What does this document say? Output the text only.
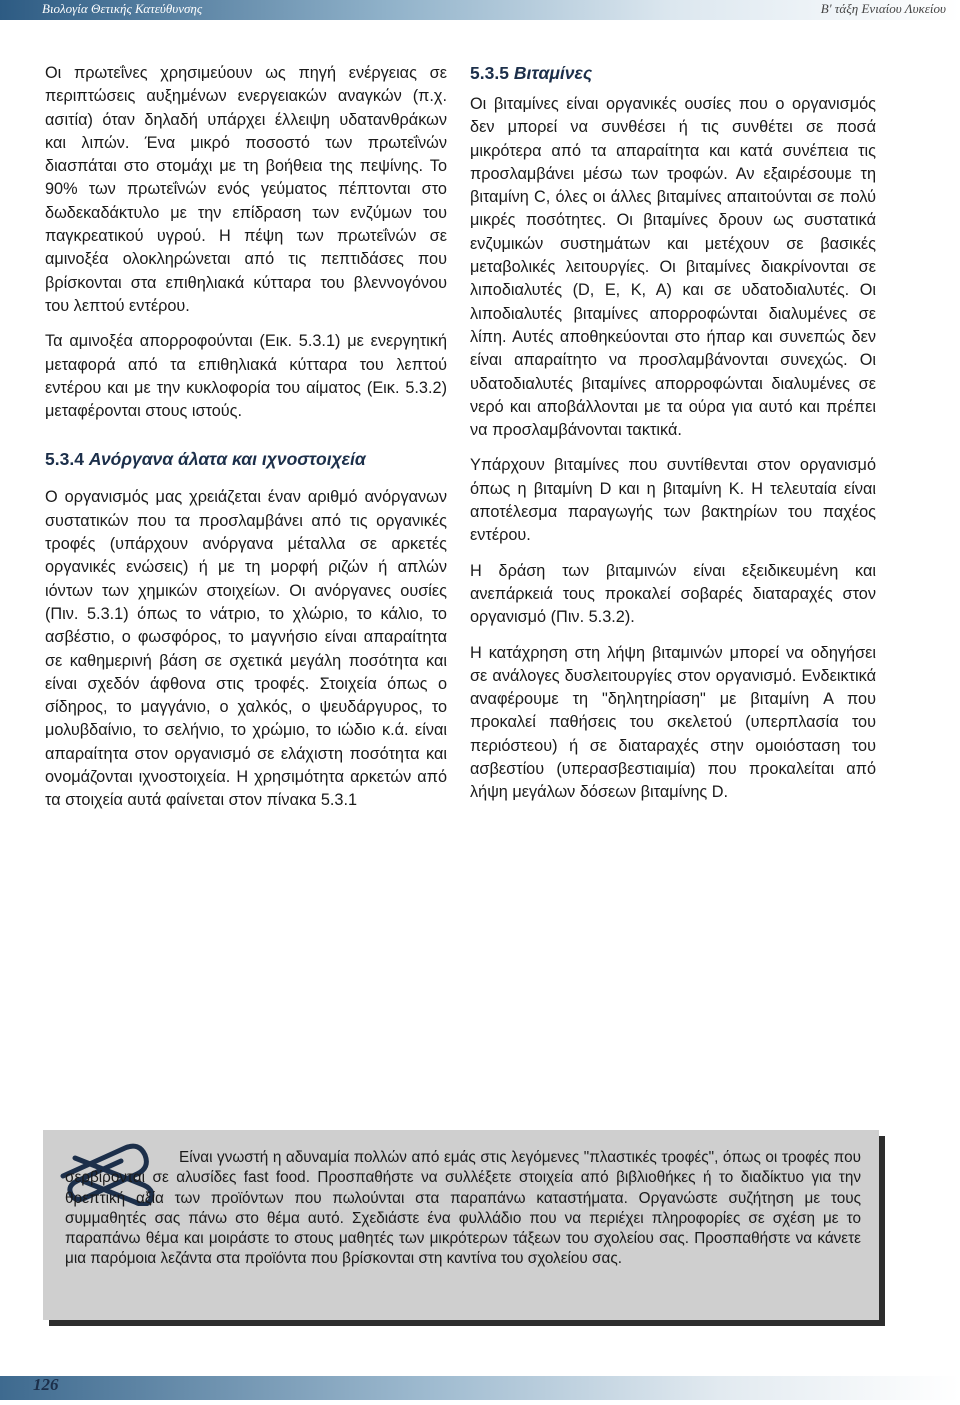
Βιολογία Θετικής Κατεύθυνσης	Β' τάξη Ενιαίου Λυκείου

Οι πρωτεΐνες χρησιμεύουν ως πηγή ενέργειας σε περιπτώσεις αυξημένων ενεργειακών αναγκών (π.χ. ασιτία) όταν δηλαδή υπάρχει έλλειψη υδατανθράκων και λιπών. Ένα μικρό ποσοστό των πρωτεΐνών διασπάται στο στομάχι με τη βοήθεια της πεψίνης. Το 90% των πρωτεΐνών ενός γεύματος πέπτονται στο δωδεκαδάκτυλο με την επίδραση των ενζύμων του παγκρεατικού υγρού. Η πέψη των πρωτεΐνών σε αμινοξέα ολοκληρώνεται από τις πεπτιδάσες που βρίσκονται στα επιθηλιακά κύτταρα του βλεννογόνου του λεπτού εντέρου.

Τα αμινοξέα απορροφούνται (Εικ. 5.3.1) με ενεργητική μεταφορά από τα επιθηλιακά κύτταρα του λεπτού εντέρου και με την κυκλοφορία του αίματος (Εικ. 5.3.2) μεταφέρονται στους ιστούς.

5.3.4 Ανόργανα άλατα και ιχνοστοιχεία

Ο οργανισμός μας χρειάζεται έναν αριθμό ανόργανων συστατικών που τα προσλαμβάνει από τις οργανικές τροφές (υπάρχουν ανόργανα μέταλλα σε αρκετές οργανικές ενώσεις) ή με τη μορφή ριζών ή απλών ιόντων των χημικών στοιχείων. Οι ανόργανες ουσίες (Πιν. 5.3.1) όπως το νάτριο, το χλώριο, το κάλιο, το ασβέστιο, ο φωσφόρος, το μαγνήσιο είναι απαραίτητα σε καθημερινή βάση σε σχετικά μεγάλη ποσότητα και είναι σχεδόν άφθονα στις τροφές. Στοιχεία όπως ο σίδηρος, το μαγγάνιο, ο χαλκός, ο ψευδάργυρος, το μολυβδαίνιο, το σελήνιο, το χρώμιο, το ιώδιο κ.ά. είναι απαραίτητα στον οργανισμό σε ελάχιστη ποσότητα και ονομάζονται ιχνοστοιχεία. Η χρησιμότητα αρκετών από τα στοιχεία αυτά φαίνεται στον πίνακα 5.3.1

5.3.5 Βιταμίνες

Οι βιταμίνες είναι οργανικές ουσίες που ο οργανισμός δεν μπορεί να συνθέσει ή τις συνθέτει σε ποσά μικρότερα από τα απαραίτητα και κατά συνέπεια τις προσλαμβάνει μέσω των τροφών. Αν εξαιρέσουμε τη βιταμίνη C, όλες οι άλλες βιταμίνες απαιτούνται σε πολύ μικρές ποσότητες. Οι βιταμίνες δρουν ως συστατικά ενζυμικών συστημάτων και μετέχουν σε βασικές μεταβολικές λειτουργίες. Οι βιταμίνες διακρίνονται σε λιποδιαλυτές (D, E, K, A) και σε υδατοδιαλυτές. Οι λιποδιαλυτές βιταμίνες απορροφώνται διαλυμένες σε λίπη. Αυτές αποθηκεύονται στο ήπαρ και συνεπώς δεν είναι απαραίτητο να προσλαμβάνονται συνεχώς. Οι υδατοδιαλυτές βιταμίνες απορροφώνται διαλυμένες σε νερό και αποβάλλονται με τα ούρα για αυτό και πρέπει να προσλαμβάνονται τακτικά.

Υπάρχουν βιταμίνες που συντίθενται στον οργανισμό όπως η βιταμίνη D και η βιταμίνη K. Η τελευταία είναι αποτέλεσμα παραγωγής των βακτηρίων του παχέος εντέρου.

Η δράση των βιταμινών είναι εξειδικευμένη και ανεπάρκειά τους προκαλεί σοβαρές διαταραχές στον οργανισμό (Πιν. 5.3.2).

Η κατάχρηση στη λήψη βιταμινών μπορεί να οδηγήσει σε ανάλογες δυσλειτουργίες στον οργανισμό. Ενδεικτικά αναφέρουμε τη "δηλητηρίαση" με βιταμίνη A που προκαλεί παθήσεις του σκελετού (υπερπλασία του περιόστεου) ή σε διαταραχές στην ομοιόσταση του ασβεστίου (υπερασβεστιαιμία) που προκαλείται από λήψη μεγάλων δόσεων βιταμίνης D.

Είναι γνωστή η αδυναμία πολλών από εμάς στις λεγόμενες "πλαστικές τροφές", όπως οι τροφές που σερβίρονται σε αλυσίδες fast food. Προσπαθήστε να συλλέξετε στοιχεία από βιβλιοθήκες ή το διαδίκτυο για την θρεπτική αξία των προϊόντων που πωλούνται στα παραπάνω καταστήματα. Οργανώστε συζήτηση με τους συμμαθητές σας πάνω στο θέμα αυτό. Σχεδιάστε ένα φυλλάδιο που να περιέχει πληροφορίες σε σχέση με το παραπάνω θέμα και μοιράστε το στους μαθητές των μικρότερων τάξεων του σχολείου σας. Προσπαθήστε να κάνετε μια παρόμοια λεζάντα στα προϊόντα που βρίσκονται στη καντίνα του σχολείου σας.
126
